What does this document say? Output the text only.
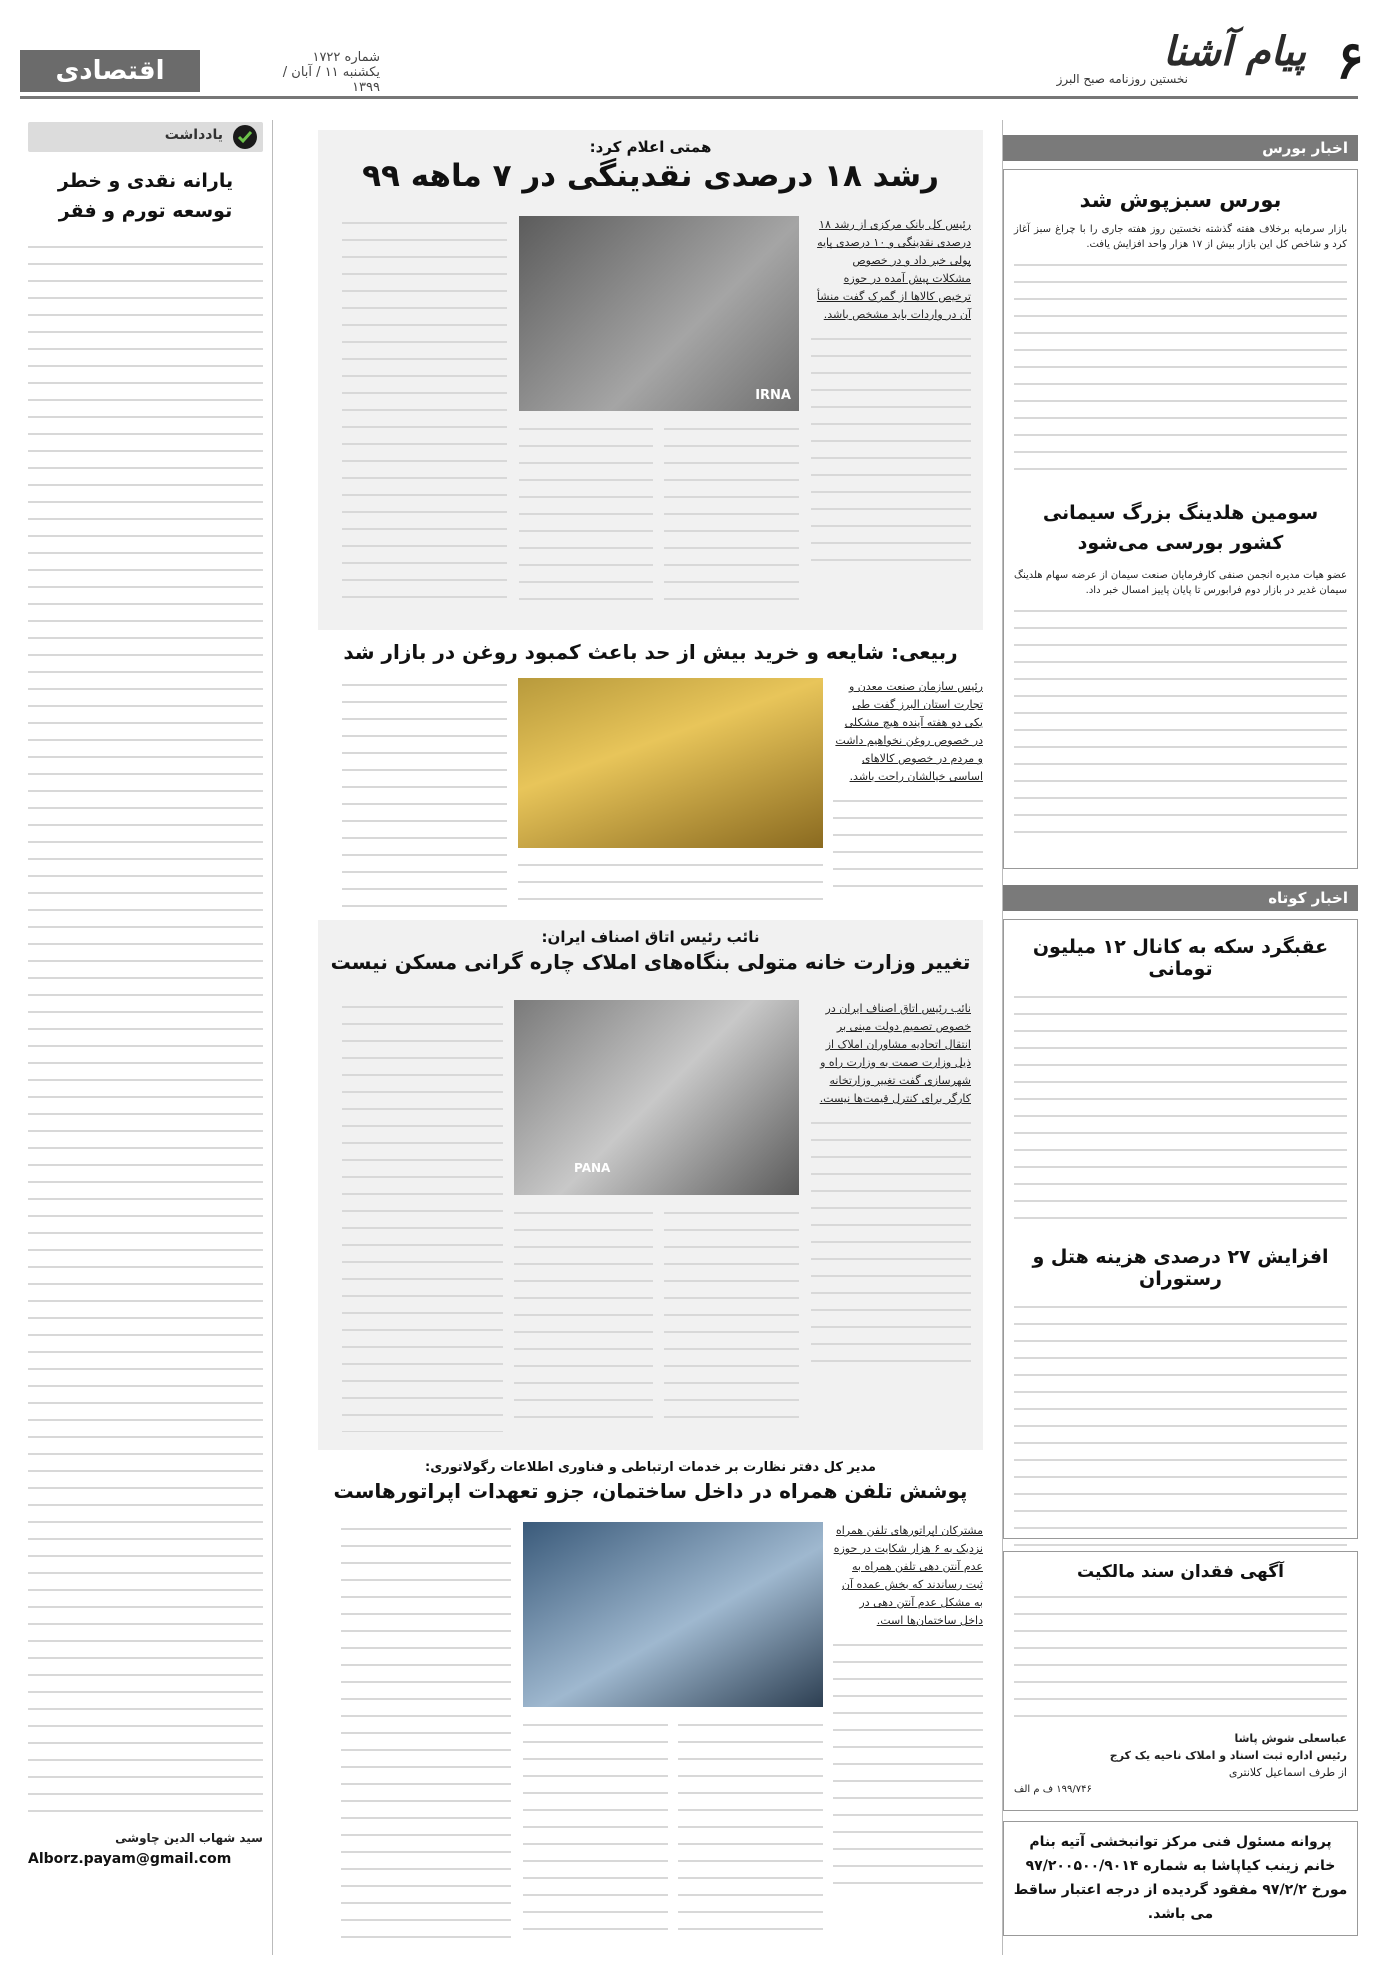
۶
پیام آشنا
نخستین روزنامه صبح البرز
شماره ۱۷۲۲
یکشنبه ۱۱ / آبان / ۱۳۹۹
اقتصادی
اخبار بورس
بورس سبزپوش شد
بازار سرمایه برخلاف هفته گذشته نخستین روز هفته جاری را با چراغ سبز آغاز کرد و شاخص کل این بازار بیش از ۱۷ هزار واحد افزایش یافت.
سومین هلدینگ بزرگ سیمانی کشور بورسی می‌شود
عضو هیات مدیره انجمن صنفی کارفرمایان صنعت سیمان از عرضه سهام هلدینگ سیمان غدیر در بازار دوم فرابورس تا پایان پاییز امسال خبر داد.
اخبار کوتاه
عقبگرد سکه به کانال ۱۲ میلیون تومانی
افزایش ۲۷ درصدی هزینه هتل و رستوران
آگهی فقدان سند مالکیت
عباسعلی شوش پاشا
رئیس اداره ثبت اسناد و املاک ناحیه یک کرج
از طرف اسماعیل کلانتری
۱۹۹/۷۴۶ ف م الف
پروانه مسئول فنی مرکز توانبخشی آتیه بنام خانم زینب کیاپاشا به شماره ۹۷/۲۰۰۵۰۰/۹۰۱۴ مورخ ۹۷/۲/۲ مفقود گردیده از درجه اعتبار ساقط می باشد.
همتی اعلام کرد:
رشد ۱۸ درصدی نقدینگی در ۷ ماهه ۹۹
رئیس کل بانک مرکزی از رشد ۱۸ درصدی نقدینگی و ۱۰ درصدی پایه پولی خبر داد و در خصوص مشکلات پیش آمده در حوزه ترخیص کالاها از گمرک گفت منشأ آن در واردات باید مشخص باشد.
IRNA
ربیعی: شایعه و خرید بیش از حد باعث کمبود روغن در بازار شد
رئیس سازمان صنعت معدن و تجارت استان البرز گفت طی یکی دو هفته آینده هیچ مشکلی در خصوص روغن نخواهیم داشت و مردم در خصوص کالاهای اساسی خیالشان راحت باشد.
نائب رئیس اتاق اصناف ایران:
تغییر وزارت خانه متولی بنگاه‌های املاک چاره گرانی مسکن نیست
نائب رئیس اتاق اصناف ایران در خصوص تصمیم دولت مبنی بر انتقال اتحادیه مشاوران املاک از ذیل وزارت صمت به وزارت راه و شهرسازی گفت تغییر وزارتخانه کارگر برای کنترل قیمت‌ها نیست.
PANA
مدیر کل دفتر نظارت بر خدمات ارتباطی و فناوری اطلاعات رگولاتوری:
پوشش تلفن همراه در داخل ساختمان، جزو تعهدات اپراتورهاست
مشترکان اپراتورهای تلفن همراه نزدیک به ۶ هزار شکایت در حوزه عدم آنتن دهی تلفن همراه به ثبت رساندند که بخش عمده آن به مشکل عدم آنتن دهی در داخل ساختمان‌ها است.
یادداشت
یارانه نقدی و خطر توسعه تورم و فقر
سید شهاب الدین چاوشی
Alborz.payam@gmail.com
